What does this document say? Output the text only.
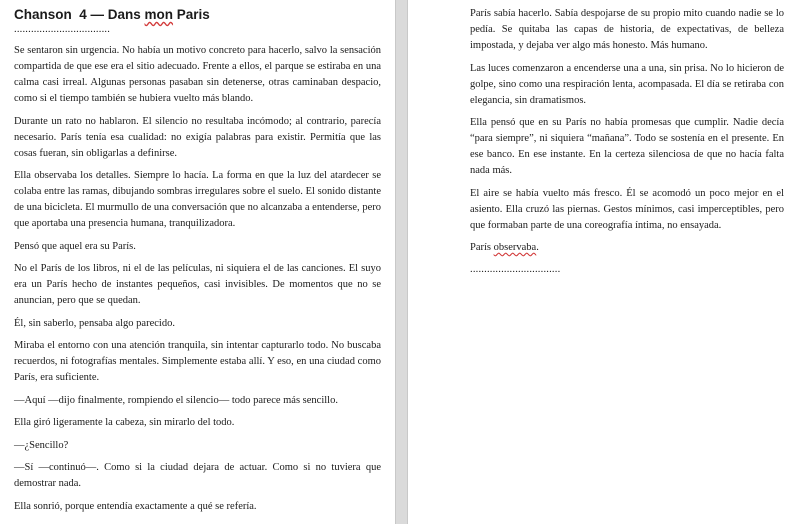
Chanson  4 — Dans mon Paris
..................................

Se sentaron sin urgencia. No había un motivo concreto para hacerlo, salvo la sensación compartida de que ese era el sitio adecuado. Frente a ellos, el parque se estiraba en una calma casi irreal. Algunas personas pasaban sin detenerse, otras caminaban despacio, como si el tiempo también se hubiera vuelto más blando.

Durante un rato no hablaron. El silencio no resultaba incómodo; al contrario, parecía necesario. París tenía esa cualidad: no exigía palabras para existir. Permitía que las cosas fueran, sin obligarlas a definirse.

Ella observaba los detalles. Siempre lo hacía. La forma en que la luz del atardecer se colaba entre las ramas, dibujando sombras irregulares sobre el suelo. El sonido distante de una bicicleta. El murmullo de una conversación que no alcanzaba a entenderse, pero que aportaba una presencia humana, tranquilizadora.

Pensó que aquel era su París.

No el París de los libros, ni el de las películas, ni siquiera el de las canciones. El suyo era un París hecho de instantes pequeños, casi invisibles. De momentos que no se anuncian, pero que se quedan.

Él, sin saberlo, pensaba algo parecido.

Miraba el entorno con una atención tranquila, sin intentar capturarlo todo. No buscaba recuerdos, ni fotografías mentales. Simplemente estaba allí. Y eso, en una ciudad como París, era suficiente.

—Aquí —dijo finalmente, rompiendo el silencio— todo parece más sencillo.

Ella giró ligeramente la cabeza, sin mirarlo del todo.

—¿Sencillo?

—Sí —continuó—. Como si la ciudad dejara de actuar. Como si no tuviera que demostrar nada.

Ella sonrió, porque entendía exactamente a qué se refería.

París sabía hacerlo. Sabía despojarse de su propio mito cuando nadie se lo pedía. Se quitaba las capas de historia, de expectativas, de belleza impostada, y dejaba ver algo más honesto. Más humano.

Las luces comenzaron a encenderse una a una, sin prisa. No lo hicieron de golpe, sino como una respiración lenta, acompasada. El día se retiraba con elegancia, sin dramatismos.

Ella pensó que en su París no había promesas que cumplir. Nadie decía “para siempre”, ni siquiera “mañana”. Todo se sostenía en el presente. En ese banco. En ese instante. En la certeza silenciosa de que no hacía falta nada más.

El aire se había vuelto más fresco. Él se acomodó un poco mejor en el asiento. Ella cruzó las piernas. Gestos mínimos, casi imperceptibles, pero que formaban parte de una coreografía íntima, no ensayada.

París observaba.

................................
